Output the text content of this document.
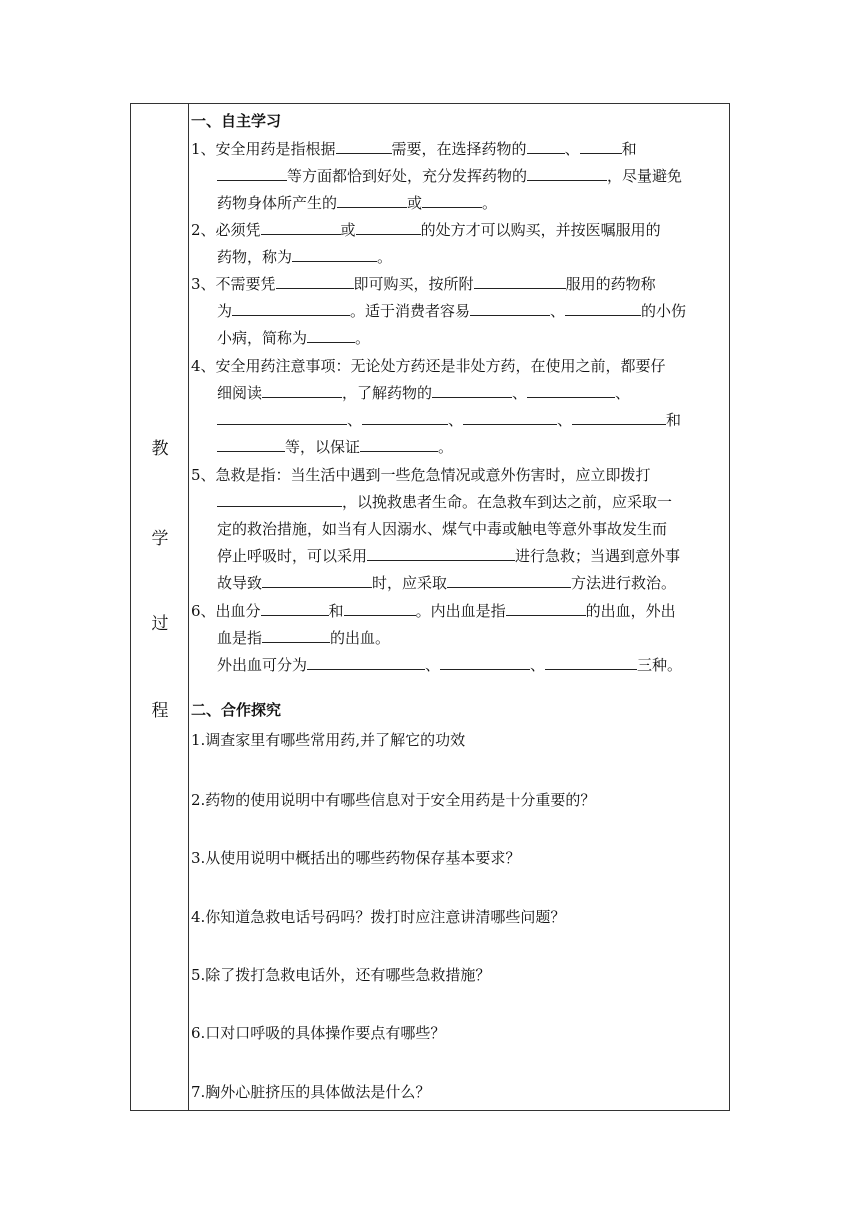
教
学
过
程
一、自主学习
1、安全用药是指根据	需要，在选择药物的	、	和
等方面都恰到好处，充分发挥药物的	，尽量避免
药物身体所产生的	或	。
2、必须凭	或	的处方才可以购买，并按医嘱服用的
药物，称为	。
3、不需要凭	即可购买，按所附	服用的药物称
为	。适于消费者容易	、	的小伤
小病，简称为	。
4、安全用药注意事项：无论处方药还是非处方药，在使用之前，都要仔
细阅读	，了解药物的	、	、
、	、	、	和
等，以保证	。
5、急救是指：当生活中遇到一些危急情况或意外伤害时，应立即拨打
，以挽救患者生命。在急救车到达之前，应采取一
定的救治措施，如当有人因溺水、煤气中毒或触电等意外事故发生而
停止呼吸时，可以采用	进行急救；当遇到意外事
故导致	时，应采取	方法进行救治。
6、出血分	和	。内出血是指	的出血，外出
血是指	的出血。
外出血可分为	、	、	三种。
二、合作探究
1.调查家里有哪些常用药,并了解它的功效
2.药物的使用说明中有哪些信息对于安全用药是十分重要的？
3.从使用说明中概括出的哪些药物保存基本要求？
4.你知道急救电话号码吗？拨打时应注意讲清哪些问题？
5.除了拨打急救电话外，还有哪些急救措施？
6.口对口呼吸的具体操作要点有哪些？
7.胸外心脏挤压的具体做法是什么？
